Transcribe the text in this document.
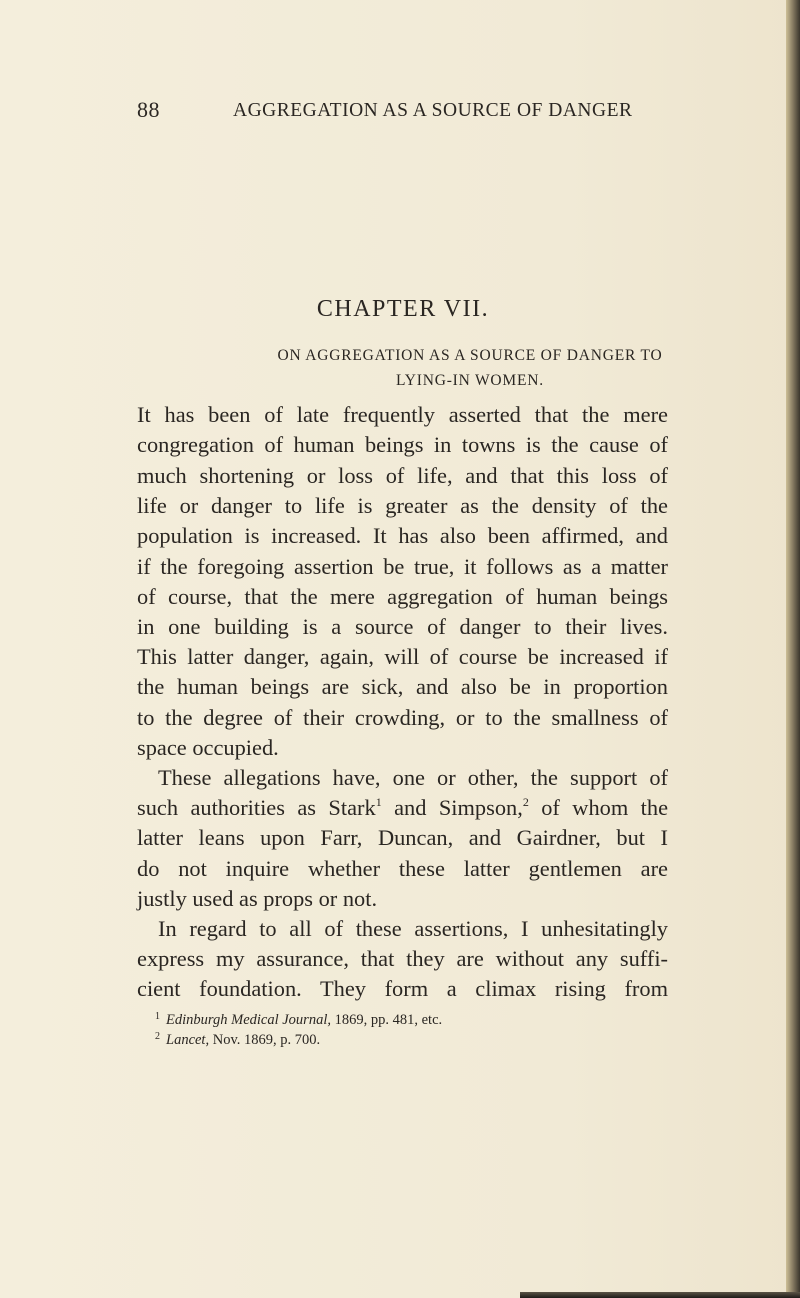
88	AGGREGATION AS A SOURCE OF DANGER
CHAPTER VII.
ON AGGREGATION AS A SOURCE OF DANGER TO
LYING-IN WOMEN.
It has been of late frequently asserted that the mere
congregation of human beings in towns is the cause of
much shortening or loss of life, and that this loss of
life or danger to life is greater as the density of the
population is increased. It has also been affirmed, and
if the foregoing assertion be true, it follows as a matter
of course, that the mere aggregation of human beings
in one building is a source of danger to their lives.
This latter danger, again, will of course be increased if
the human beings are sick, and also be in proportion
to the degree of their crowding, or to the smallness of
space occupied.
These allegations have, one or other, the support of
such authorities as Stark$^1$ and Simpson,$^2$ of whom the
latter leans upon Farr, Duncan, and Gairdner, but I
do not inquire whether these latter gentlemen are
justly used as props or not.
In regard to all of these assertions, I unhesitatingly
express my assurance, that they are without any suffi-
cient foundation. They form a climax rising from
$^1$ Edinburgh Medical Journal, 1869, pp. 481, etc.
$^2$ Lancet, Nov. 1869, p. 700.
